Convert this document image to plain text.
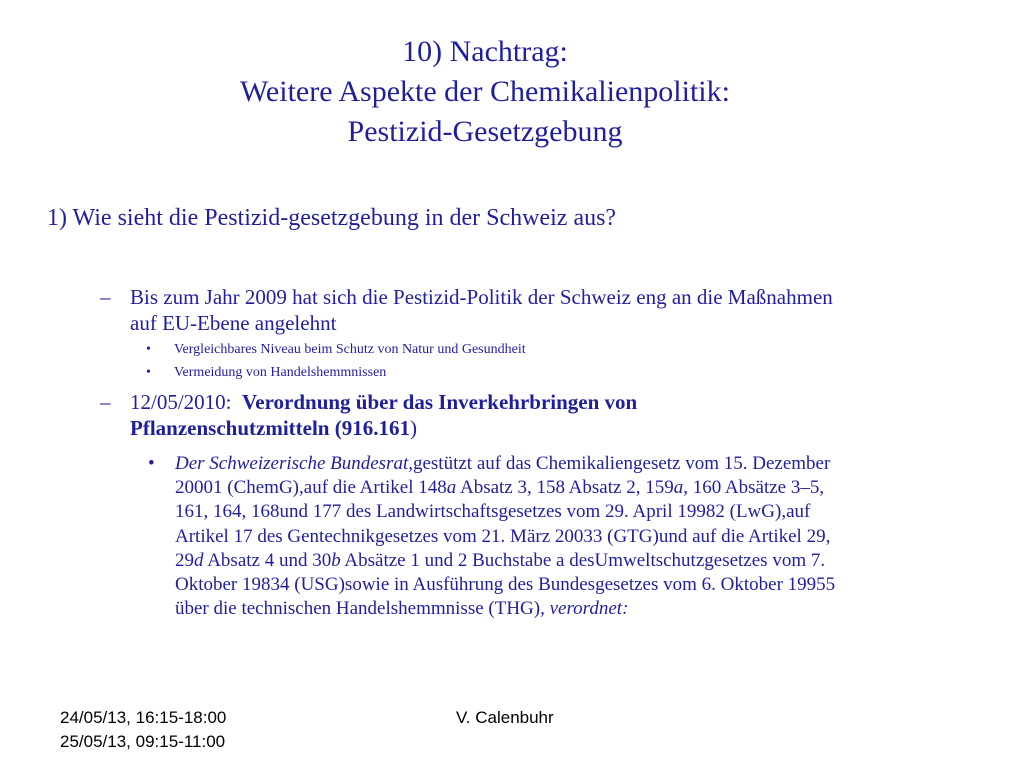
10) Nachtrag:
Weitere Aspekte der Chemikalienpolitik:
Pestizid-Gesetzgebung
1) Wie sieht die Pestizid-gesetzgebung in der Schweiz aus?
– Bis zum Jahr 2009 hat sich die Pestizid-Politik der Schweiz eng an die Maßnahmen
auf EU-Ebene angelehnt
• Vergleichbares Niveau beim Schutz von Natur und Gesundheit
• Vermeidung von Handelshemmnissen
– 12/05/2010:  Verordnung über das Inverkehrbringen von
Pflanzenschutzmitteln (916.161)
• Der Schweizerische Bundesrat,gestützt auf das Chemikaliengesetz vom 15. Dezember
20001 (ChemG),auf die Artikel 148a Absatz 3, 158 Absatz 2, 159a, 160 Absätze 3–5,
161, 164, 168und 177 des Landwirtschaftsgesetzes vom 29. April 19982 (LwG),auf
Artikel 17 des Gentechnikgesetzes vom 21. März 20033 (GTG)und auf die Artikel 29,
29d Absatz 4 und 30b Absätze 1 und 2 Buchstabe a desUmweltschutzgesetzes vom 7.
Oktober 19834 (USG)sowie in Ausführung des Bundesgesetzes vom 6. Oktober 19955
über die technischen Handelshemmnisse (THG), verordnet:
24/05/13, 16:15-18:00
25/05/13, 09:15-11:00
V. Calenbuhr
